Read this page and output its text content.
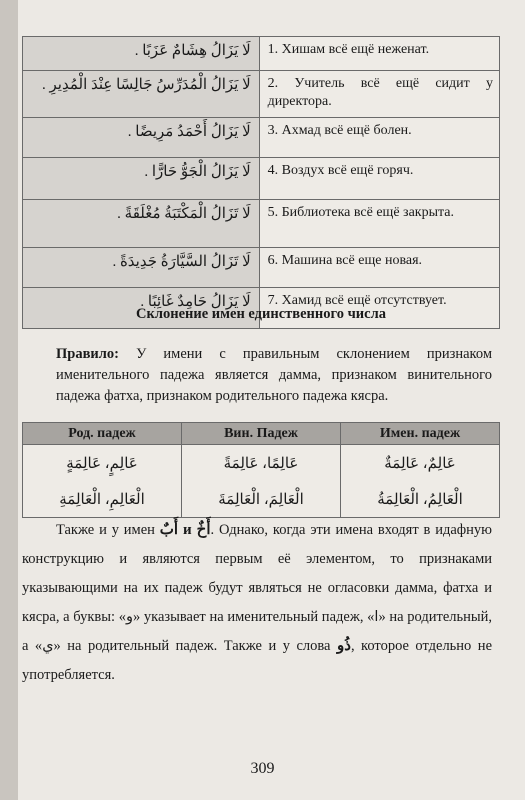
لَا يَزَالُ هِشَامٌ عَزَبًا .	1. Хишам всё ещё неженат.
لَا يَزَالُ الْمُدَرِّسُ جَالِسًا عِنْدَ الْمُدِيرِ .	2. Учитель всё ещё сидит у директора.
لَا يَزَالُ أَحْمَدُ مَرِيضًا .	3. Ахмад всё ещё болен.
لَا يَزَالُ الْجَوُّ حَارًّا .	4. Воздух всё ещё горяч.
لَا تَزَالُ الْمَكْتَبَةُ مُغْلَقَةً .	5. Библиотека всё ещё закрыта.
لَا تَزَالُ السَّيَّارَةُ جَدِيدَةً .	6. Машина всё еще новая.
لَا يَزَالُ حَامِدٌ غَائِبًا .	7. Хамид всё ещё отсутствует.
Склонение имен единственного числа
Правило: У имени с правильным склонением признаком именительного падежа является дамма, признаком винительного падежа фатха, признаком родительного падежа кясра.
Род. падеж	Вин. Падеж	Имен. падеж
عَالِمٍ، عَالِمَةٍ	عَالِمًا، عَالِمَةً	عَالِمٌ، عَالِمَةٌ
الْعَالِمِ، الْعَالِمَةِ	الْعَالِمَ، الْعَالِمَةَ	الْعَالِمُ، الْعَالِمَةُ
Также и у имен أَبٌ и أَخٌ. Однако, когда эти имена входят в идафную конструкцию и являются первым её элементом, то признаками указывающими на их падеж будут являться не огласовки дамма, фатха и кясра, а буквы: «و» указывает на именительный падеж, «ا» на родительный, а «ي» на родительный падеж. Также и у слова ذُو, которое отдельно не употребляется.
309
